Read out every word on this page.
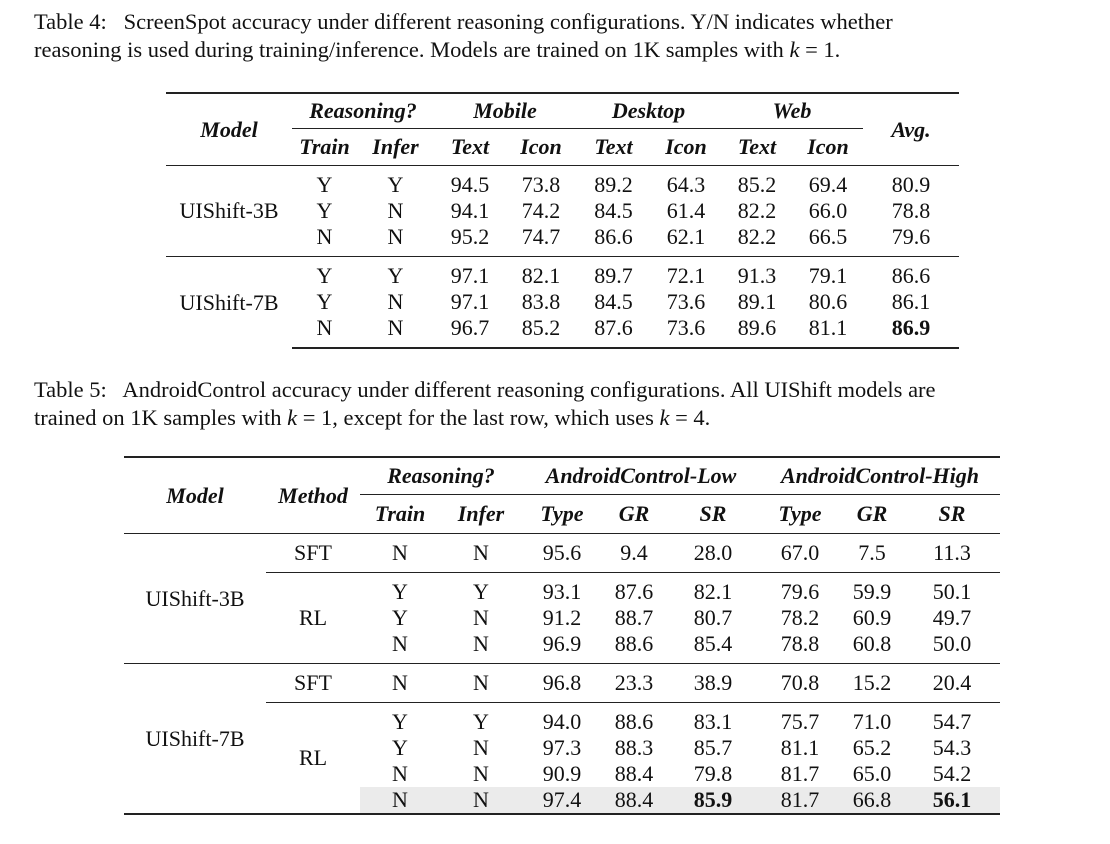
Table 4: ScreenSpot accuracy under different reasoning configurations. Y/N indicates whether
reasoning is used during training/inference. Models are trained on 1K samples with k = 1.
Model	Reasoning?		Mobile		Desktop		Web		Avg.
	Train	Infer	Text	Icon	Text	Icon	Text	Icon	
UIShift-3B	Y	Y	94.5	73.8	89.2	64.3	85.2	69.4	80.9
	Y	N	94.1	74.2	84.5	61.4	82.2	66.0	78.8
	N	N	95.2	74.7	86.6	62.1	82.2	66.5	79.6
UIShift-7B	Y	Y	97.1	82.1	89.7	72.1	91.3	79.1	86.6
	Y	N	97.1	83.8	84.5	73.6	89.1	80.6	86.1
	N	N	96.7	85.2	87.6	73.6	89.6	81.1	86.9
Table 5: AndroidControl accuracy under different reasoning configurations. All UIShift models are
trained on 1K samples with k = 1, except for the last row, which uses k = 4.
Model	Method	Reasoning?		AndroidControl-Low			AndroidControl-High		
		Train	Infer	Type	GR	SR	Type	GR	SR
UIShift-3B	SFT	N	N	95.6	9.4	28.0	67.0	7.5	11.3
	RL	Y	Y	93.1	87.6	82.1	79.6	59.9	50.1
		Y	N	91.2	88.7	80.7	78.2	60.9	49.7
		N	N	96.9	88.6	85.4	78.8	60.8	50.0
UIShift-7B	SFT	N	N	96.8	23.3	38.9	70.8	15.2	20.4
	RL	Y	Y	94.0	88.6	83.1	75.7	71.0	54.7
		Y	N	97.3	88.3	85.7	81.1	65.2	54.3
		N	N	90.9	88.4	79.8	81.7	65.0	54.2
		N	N	97.4	88.4	85.9	81.7	66.8	56.1
